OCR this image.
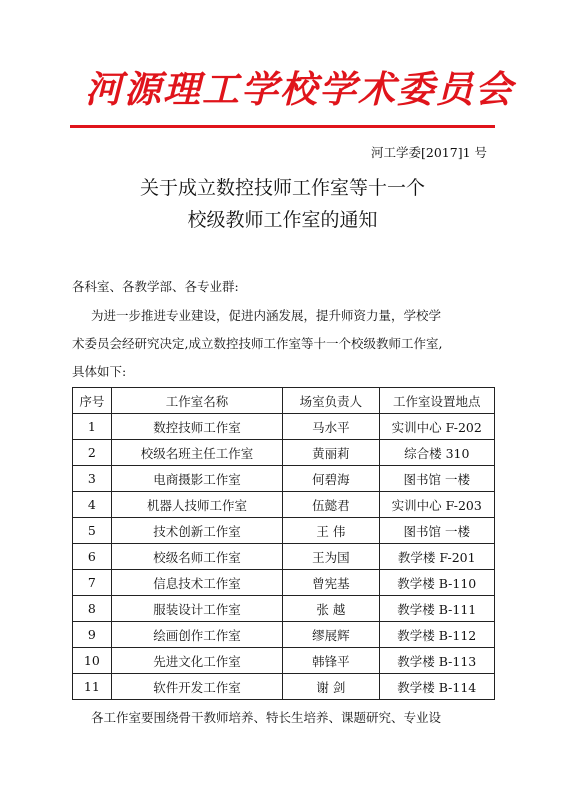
河源理工学校学术委员会
河工学委[2017]1 号
关于成立数控技师工作室等十一个
校级教师工作室的通知
各科室、各教学部、各专业群:
为进一步推进专业建设，促进内涵发展，提升师资力量，学校学
术委员会经研究决定,成立数控技师工作室等十一个校级教师工作室,
具体如下:
序号	工作室名称	场室负责人	工作室设置地点
1	数控技师工作室	马水平	实训中心 F-202
2	校级名班主任工作室	黄丽莉	综合楼 310
3	电商摄影工作室	何碧海	图书馆 一楼
4	机器人技师工作室	伍懿君	实训中心 F-203
5	技术创新工作室	王 伟	图书馆 一楼
6	校级名师工作室	王为国	教学楼 F-201
7	信息技术工作室	曾宪基	教学楼 B-110
8	服装设计工作室	张 越	教学楼 B-111
9	绘画创作工作室	缪展辉	教学楼 B-112
10	先进文化工作室	韩锋平	教学楼 B-113
11	软件开发工作室	谢 剑	教学楼 B-114
各工作室要围绕骨干教师培养、特长生培养、课题研究、专业设
